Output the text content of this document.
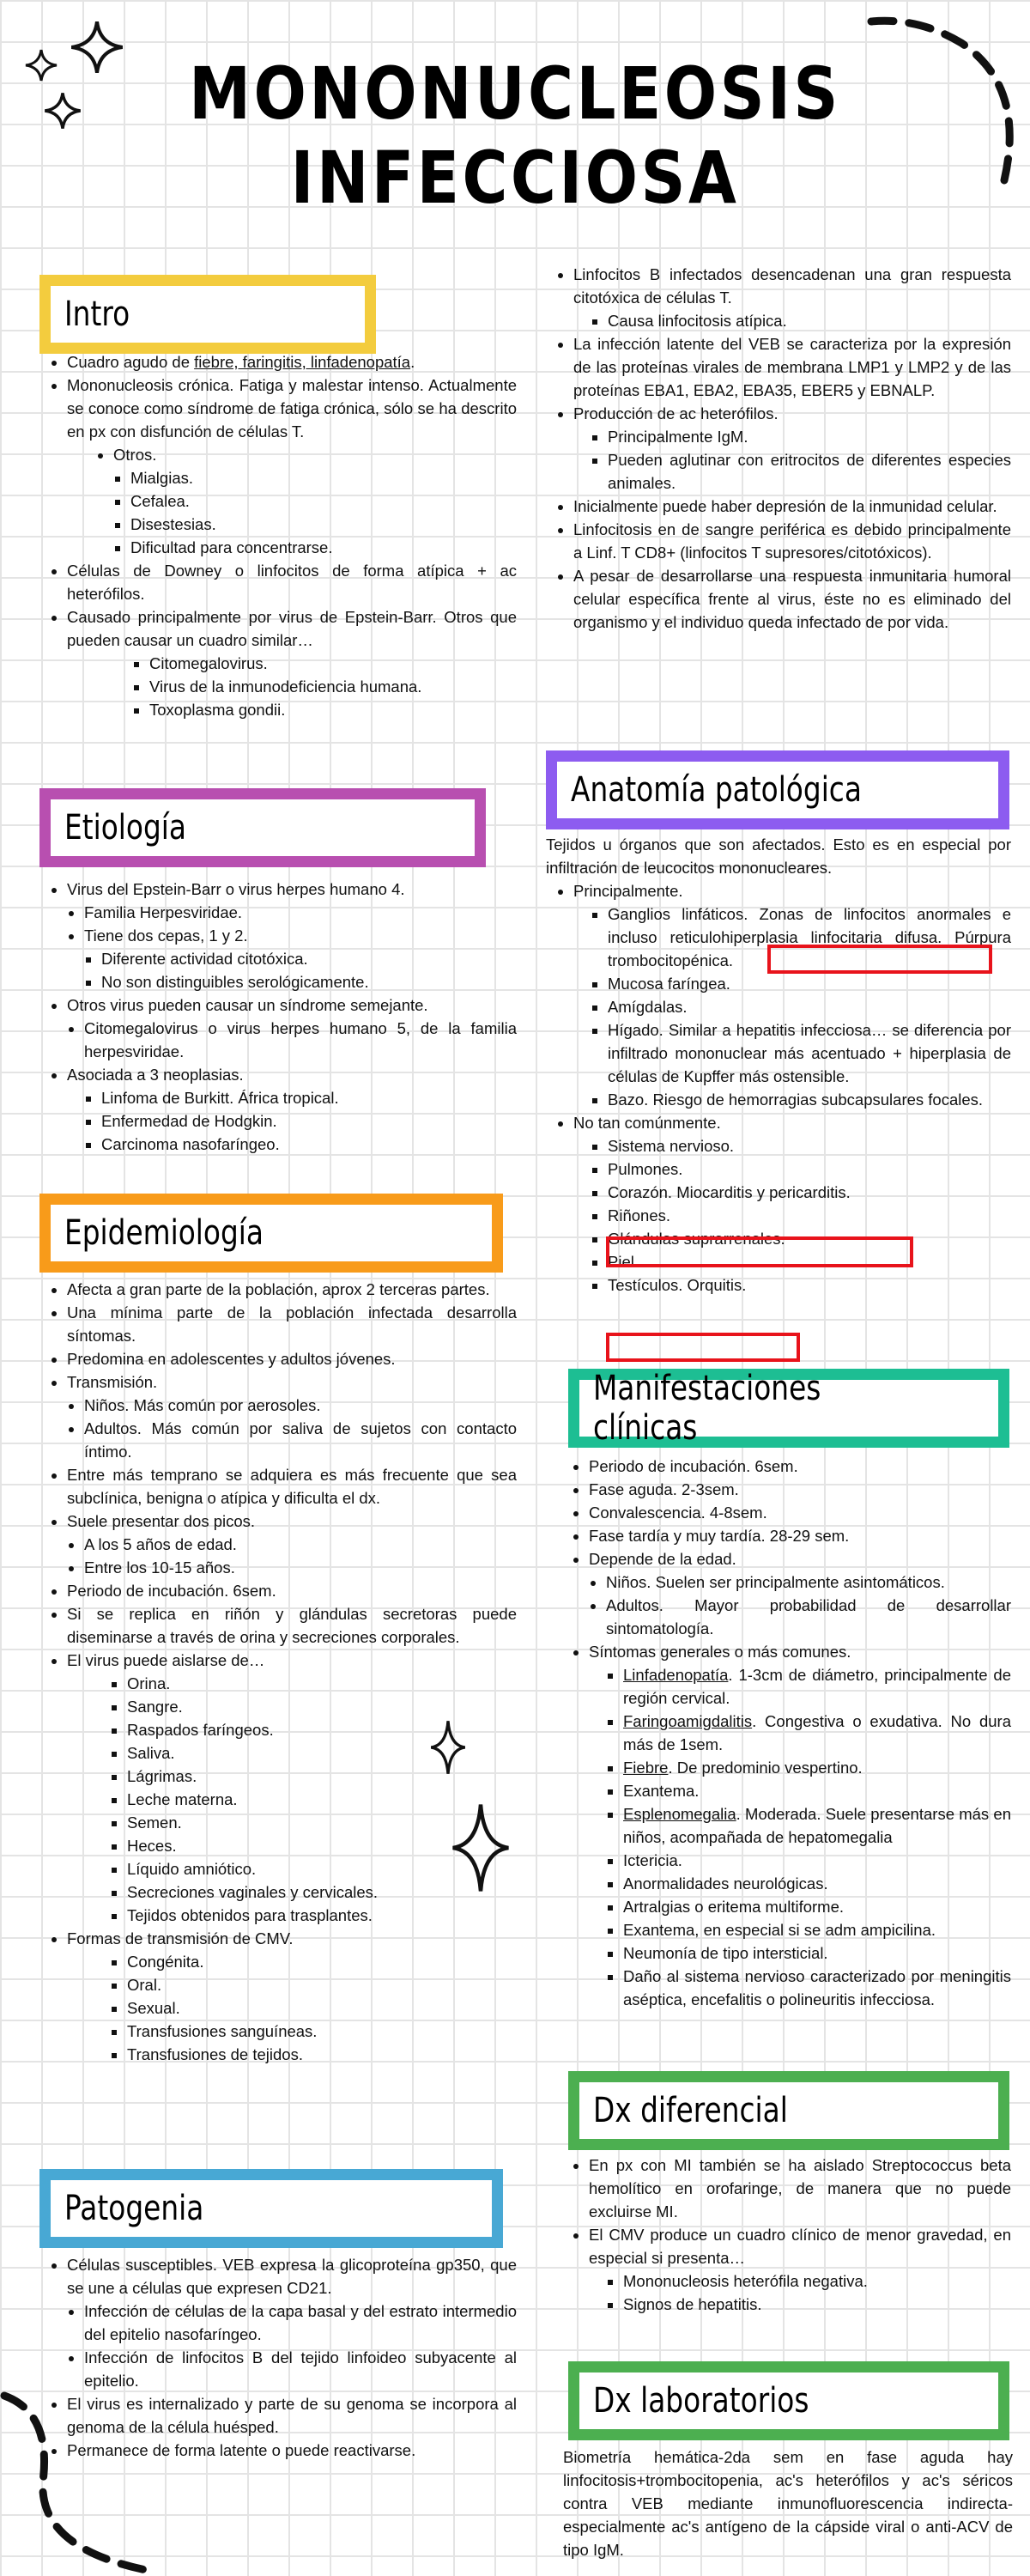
MONONUCLEOSIS
INFECCIOSA
Intro
Etiología
Epidemiología
Patogenia
Anatomía patológica
Manifestaciones clínicas
Dx diferencial
Dx laboratorios
• Cuadro agudo de fiebre, faringitis, linfadenopatía.
• Mononucleosis crónica. Fatiga y malestar intenso. Actualmente se conoce como síndrome de fatiga crónica, sólo se ha descrito en px con disfunción de células T.
• Otros.
▪ Mialgias.
▪ Cefalea.
▪ Disestesias.
▪ Dificultad para concentrarse.
• Células de Downey o linfocitos de forma atípica + ac heterófilos.
• Causado principalmente por virus de Epstein-Barr. Otros que pueden causar un cuadro similar…
▪ Citomegalovirus.
▪ Virus de la inmunodeficiencia humana.
▪ Toxoplasma gondii.
• Virus del Epstein-Barr o virus herpes humano 4.
• Familia Herpesviridae.
• Tiene dos cepas, 1 y 2.
▪ Diferente actividad citotóxica.
▪ No son distinguibles serológicamente.
• Otros virus pueden causar un síndrome semejante.
• Citomegalovirus o virus herpes humano 5, de la familia herpesviridae.
• Asociada a 3 neoplasias.
▪ Linfoma de Burkitt. África tropical.
▪ Enfermedad de Hodgkin.
▪ Carcinoma nasofaríngeo.
• Afecta a gran parte de la población, aprox 2 terceras partes.
• Una mínima parte de la población infectada desarrolla síntomas.
• Predomina en adolescentes y adultos jóvenes.
• Transmisión.
• Niños. Más común por aerosoles.
• Adultos. Más común por saliva de sujetos con contacto íntimo.
• Entre más temprano se adquiera es más frecuente que sea subclínica, benigna o atípica y dificulta el dx.
• Suele presentar dos picos.
• A los 5 años de edad.
• Entre los 10-15 años.
• Periodo de incubación. 6sem.
• Si se replica en riñón y glándulas secretoras puede diseminarse a través de orina y secreciones corporales.
• El virus puede aislarse de…
▪ Orina.
▪ Sangre.
▪ Raspados faríngeos.
▪ Saliva.
▪ Lágrimas.
▪ Leche materna.
▪ Semen.
▪ Heces.
▪ Líquido amniótico.
▪ Secreciones vaginales y cervicales.
▪ Tejidos obtenidos para trasplantes.
• Formas de transmisión de CMV.
▪ Congénita.
▪ Oral.
▪ Sexual.
▪ Transfusiones sanguíneas.
▪ Transfusiones de tejidos.
• Células susceptibles. VEB expresa la glicoproteína gp350, que se une a células que expresen CD21.
• Infección de células de la capa basal y del estrato intermedio del epitelio nasofaríngeo.
• Infección de linfocitos B del tejido linfoideo subyacente al epitelio.
• El virus es internalizado y parte de su genoma se incorpora al genoma de la célula huésped.
• Permanece de forma latente o puede reactivarse.
• Linfocitos B infectados desencadenan una gran respuesta citotóxica de células T.
▪ Causa linfocitosis atípica.
• La infección latente del VEB se caracteriza por la expresión de las proteínas virales de membrana LMP1 y LMP2 y de las proteínas EBA1, EBA2, EBA35, EBER5 y EBNALP.
• Producción de ac heterófilos.
▪ Principalmente IgM.
▪ Pueden aglutinar con eritrocitos de diferentes especies animales.
• Inicialmente puede haber depresión de la inmunidad celular.
• Linfocitosis en de sangre periférica es debido principalmente a Linf. T CD8+ (linfocitos T supresores/citotóxicos).
• A pesar de desarrollarse una respuesta inmunitaria humoral celular específica frente al virus, éste no es eliminado del organismo y el individuo queda infectado de por vida.

Tejidos u órganos que son afectados. Esto es en especial por infiltración de leucocitos mononucleares.

• Principalmente.
▪ Ganglios linfáticos. Zonas de linfocitos anormales e incluso reticulohiperplasia linfocitaria difusa. Púrpura trombocitopénica.
▪ Mucosa faríngea.
▪ Amígdalas.
▪ Hígado. Similar a hepatitis infecciosa… se diferencia por infiltrado mononuclear más acentuado + hiperplasia de células de Kupffer más ostensible.
▪ Bazo. Riesgo de hemorragias subcapsulares focales.
• No tan comúnmente.
▪ Sistema nervioso.
▪ Pulmones.
▪ Corazón. Miocarditis y pericarditis.
▪ Riñones.
▪ Glándulas suprarrenales.
▪ Piel.
▪ Testículos. Orquitis.
• Periodo de incubación. 6sem.
• Fase aguda. 2-3sem.
• Convalescencia. 4-8sem.
• Fase tardía y muy tardía. 28-29 sem.
• Depende de la edad.
• Niños. Suelen ser principalmente asintomáticos.
• Adultos. Mayor probabilidad de desarrollar sintomatología.
• Síntomas generales o más comunes.
▪ Linfadenopatía. 1-3cm de diámetro, principalmente de región cervical.
▪ Faringoamigdalitis. Congestiva o exudativa. No dura más de 1sem.
▪ Fiebre. De predominio vespertino.
▪ Exantema.
▪ Esplenomegalia. Moderada. Suele presentarse más en niños, acompañada de hepatomegalia
▪ Ictericia.
▪ Anormalidades neurológicas.
▪ Artralgias o eritema multiforme.
▪ Exantema, en especial si se adm ampicilina.
▪ Neumonía de tipo intersticial.
▪ Daño al sistema nervioso caracterizado por meningitis aséptica, encefalitis o polineuritis infecciosa.
• En px con MI también se ha aislado Streptococcus beta hemolítico en orofaringe, de manera que no puede excluirse MI.
• El CMV produce un cuadro clínico de menor gravedad, en especial si presenta…
▪ Mononucleosis heterófila negativa.
▪ Signos de hepatitis.

Biometría hemática-2da sem en fase aguda hay linfocitosis+trombocitopenia, ac's heterófilos y ac's séricos contra VEB mediante inmunofluorescencia indirecta-especialmente ac's antígeno de la cápside viral o anti-ACV de tipo IgM.
